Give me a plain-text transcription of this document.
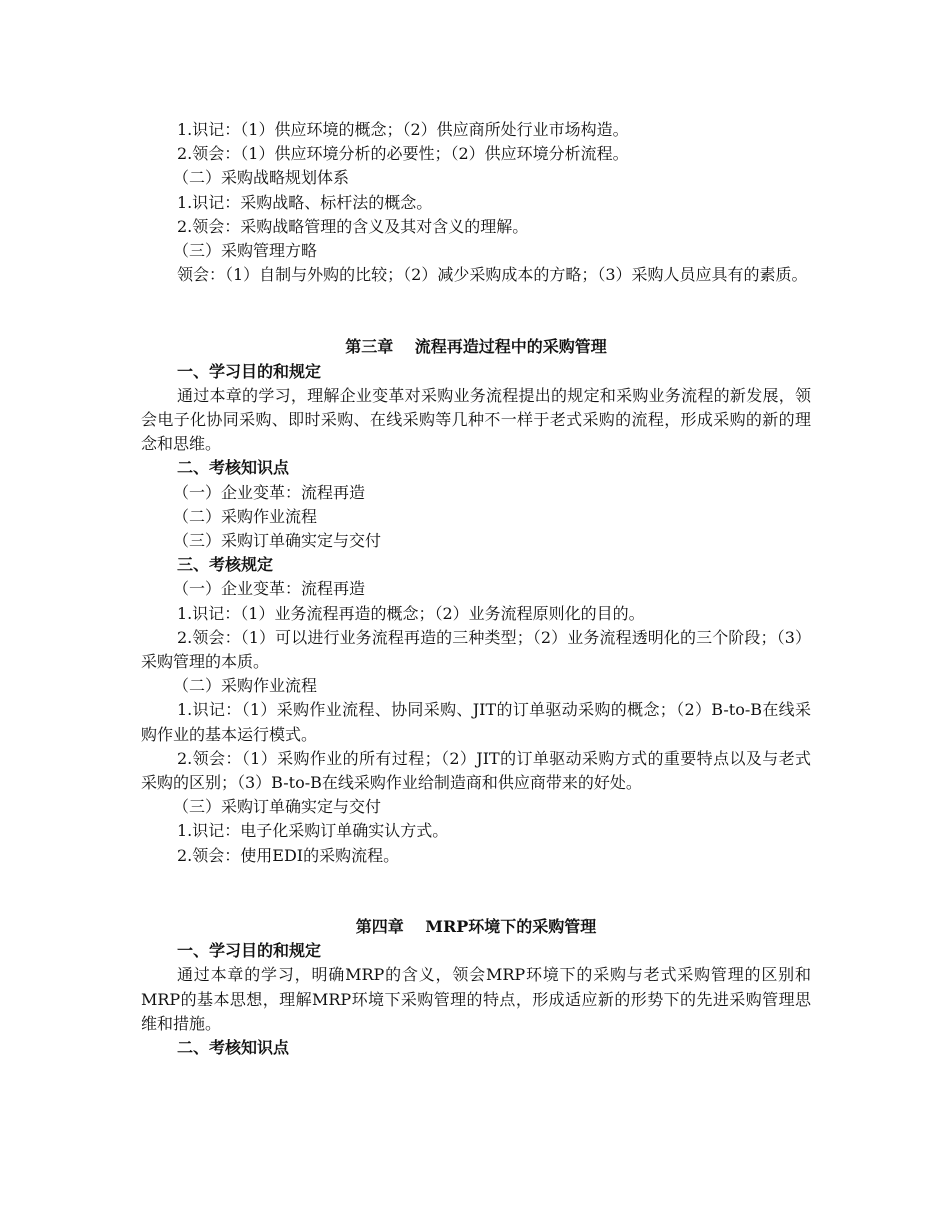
1.识记：（1）供应环境的概念；（2）供应商所处行业市场构造。

2.领会：（1）供应环境分析的必要性；（2）供应环境分析流程。

（二）采购战略规划体系

1.识记：采购战略、标杆法的概念。

2.领会：采购战略管理的含义及其对含义的理解。

（三）采购管理方略

领会：（1）自制与外购的比较；（2）减少采购成本的方略；（3）采购人员应具有的素质。

第三章　 流程再造过程中的采购管理

一、学习目的和规定

通过本章的学习，理解企业变革对采购业务流程提出的规定和采购业务流程的新发展，领会电子化协同采购、即时采购、在线采购等几种不一样于老式采购的流程，形成采购的新的理念和思维。

二、考核知识点

（一）企业变革：流程再造

（二）采购作业流程

（三）采购订单确实定与交付

三、考核规定

（一）企业变革：流程再造

1.识记：（1）业务流程再造的概念；（2）业务流程原则化的目的。

2.领会：（1）可以进行业务流程再造的三种类型；（2）业务流程透明化的三个阶段；（3）采购管理的本质。

（二）采购作业流程

1.识记：（1）采购作业流程、协同采购、JIT的订单驱动采购的概念；（2）B-to-B在线采购作业的基本运行模式。

2.领会：（1）采购作业的所有过程；（2）JIT的订单驱动采购方式的重要特点以及与老式采购的区别；（3）B-to-B在线采购作业给制造商和供应商带来的好处。

（三）采购订单确实定与交付

1.识记：电子化采购订单确实认方式。

2.领会：使用EDI的采购流程。

第四章　 MRP环境下的采购管理

一、学习目的和规定

通过本章的学习，明确MRP的含义，领会MRP环境下的采购与老式采购管理的区别和MRP的基本思想，理解MRP环境下采购管理的特点，形成适应新的形势下的先进采购管理思维和措施。

二、考核知识点
